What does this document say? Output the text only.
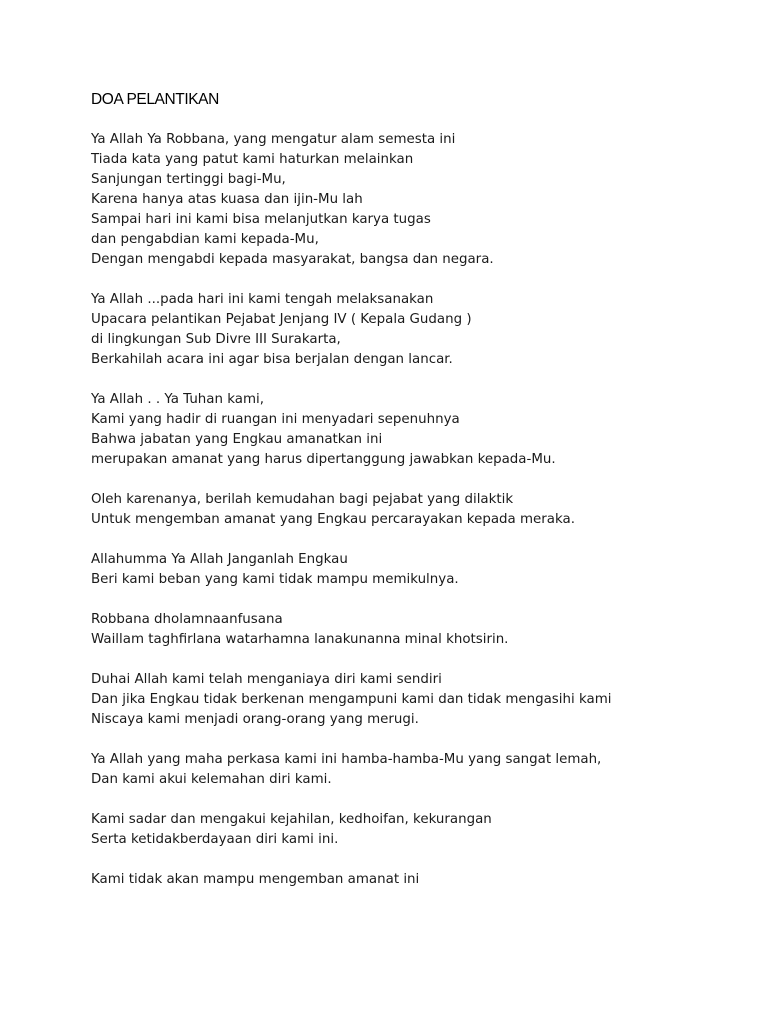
DOA PELANTIKAN
Ya Allah Ya Robbana, yang mengatur alam semesta ini
Tiada kata yang patut kami haturkan melainkan
Sanjungan tertinggi bagi-Mu,
Karena hanya atas kuasa dan ijin-Mu lah
Sampai hari ini kami bisa melanjutkan karya tugas
dan pengabdian kami kepada-Mu,
Dengan mengabdi kepada masyarakat, bangsa dan negara.
Ya Allah ...pada hari ini kami tengah melaksanakan
Upacara pelantikan Pejabat Jenjang IV ( Kepala Gudang )
di lingkungan Sub Divre III Surakarta,
Berkahilah acara ini agar bisa berjalan dengan lancar.
Ya Allah . . Ya Tuhan kami,
Kami yang hadir di ruangan ini menyadari sepenuhnya
Bahwa jabatan yang Engkau amanatkan ini
merupakan amanat yang harus dipertanggung jawabkan kepada-Mu.
Oleh karenanya, berilah kemudahan bagi pejabat yang dilaktik
Untuk mengemban amanat yang Engkau percarayakan kepada meraka.
Allahumma Ya Allah Janganlah Engkau
Beri kami beban yang kami tidak mampu memikulnya.
Robbana dholamnaanfusana
Waillam taghfirlana watarhamna lanakunanna minal khotsirin.
Duhai Allah kami telah menganiaya diri kami sendiri
Dan jika Engkau tidak berkenan mengampuni kami dan tidak mengasihi kami
Niscaya kami menjadi orang-orang yang merugi.
Ya Allah yang maha perkasa kami ini hamba-hamba-Mu yang sangat lemah,
Dan kami akui kelemahan diri kami.
Kami sadar dan mengakui kejahilan, kedhoifan, kekurangan
Serta ketidakberdayaan diri kami ini.
Kami tidak akan mampu mengemban amanat ini
